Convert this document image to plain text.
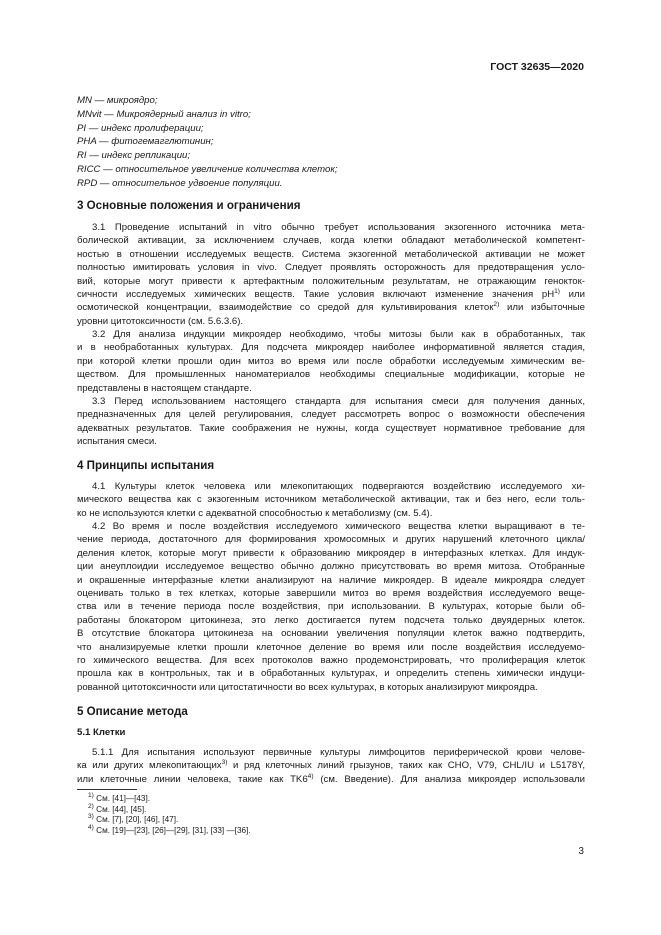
ГОСТ 32635—2020
MN — микроядро;
MNvit — Микроядерный анализ in vitro;
PI — индекс пролиферации;
PHA — фитогемагглютинин;
RI — индекс репликации;
RICC — относительное увеличение количества клеток;
RPD — относительное удвоение популяции.
3 Основные положения и ограничения
3.1 Проведение испытаний in vitro обычно требует использования экзогенного источника мета-
болической активации, за исключением случаев, когда клетки обладают метаболической компетент-
ностью в отношении исследуемых веществ. Система экзогенной метаболической активации не может
полностью имитировать условия in vivo. Следует проявлять осторожность для предотвращения усло-
вий, которые могут привести к артефактным положительным результатам, не отражающим генокток-
сичности исследуемых химических веществ. Такие условия включают изменение значения $pH^{1)}$ или
осмотической концентрации, взаимодействие со средой для культивирования клеток$^{2)}$ или избыточные
уровни цитотоксичности (см. 5.6.3.6).
3.2 Для анализа индукции микроядер необходимо, чтобы митозы были как в обработанных, так
и в необработанных культурах. Для подсчета микроядер наиболее информативной является стадия,
при которой клетки прошли один митоз во время или после обработки исследуемым химическим ве-
ществом. Для промышленных наноматериалов необходимы специальные модификации, которые не
представлены в настоящем стандарте.
3.3 Перед использованием настоящего стандарта для испытания смеси для получения данных,
предназначенных для целей регулирования, следует рассмотреть вопрос о возможности обеспечения
адекватных результатов. Такие соображения не нужны, когда существует нормативное требование для
испытания смеси.
4 Принципы испытания
4.1 Культуры клеток человека или млекопитающих подвергаются воздействию исследуемого хи-
мического вещества как с экзогенным источником метаболической активации, так и без него, если толь-
ко не используются клетки с адекватной способностью к метаболизму (см. 5.4).
4.2 Во время и после воздействия исследуемого химического вещества клетки выращивают в те-
чение периода, достаточного для формирования хромосомных и других нарушений клеточного цикла/
деления клеток, которые могут привести к образованию микроядер в интерфазных клетках. Для индук-
ции анеуплоидии исследуемое вещество обычно должно присутствовать во время митоза. Отобранные
и окрашенные интерфазные клетки анализируют на наличие микроядер. В идеале микроядра следует
оценивать только в тех клетках, которые завершили митоз во время воздействия исследуемого веще-
ства или в течение периода после воздействия, при использовании. В культурах, которые были об-
работаны блокатором цитокинеза, это легко достигается путем подсчета только двуядерных клеток.
В отсутствие блокатора цитокинеза на основании увеличения популяции клеток важно подтвердить,
что анализируемые клетки прошли клеточное деление во время или после воздействия исследуемо-
го химического вещества. Для всех протоколов важно продемонстрировать, что пролиферация клеток
прошла как в контрольных, так и в обработанных культурах, и определить степень химически индуци-
рованной цитотоксичности или цитостатичности во всех культурах, в которых анализируют микроядра.
5 Описание метода
5.1 Клетки
5.1.1 Для испытания используют первичные культуры лимфоцитов периферической крови челове-
ка или других млекопитающих$^{3)}$ и ряд клеточных линий грызунов, таких как CHO, V79, CHL/IU и L5178Y,
или клеточные линии человека, такие как TK6$^{4)}$ (см. Введение). Для анализа микроядер использовали
$^{1)}$ См. [41]—[43].
$^{2)}$ См. [44], [45].
$^{3)}$ См. [7], [20], [46], [47].
$^{4)}$ См. [19]—[23], [26]—[29], [31], [33] —[36].
3
